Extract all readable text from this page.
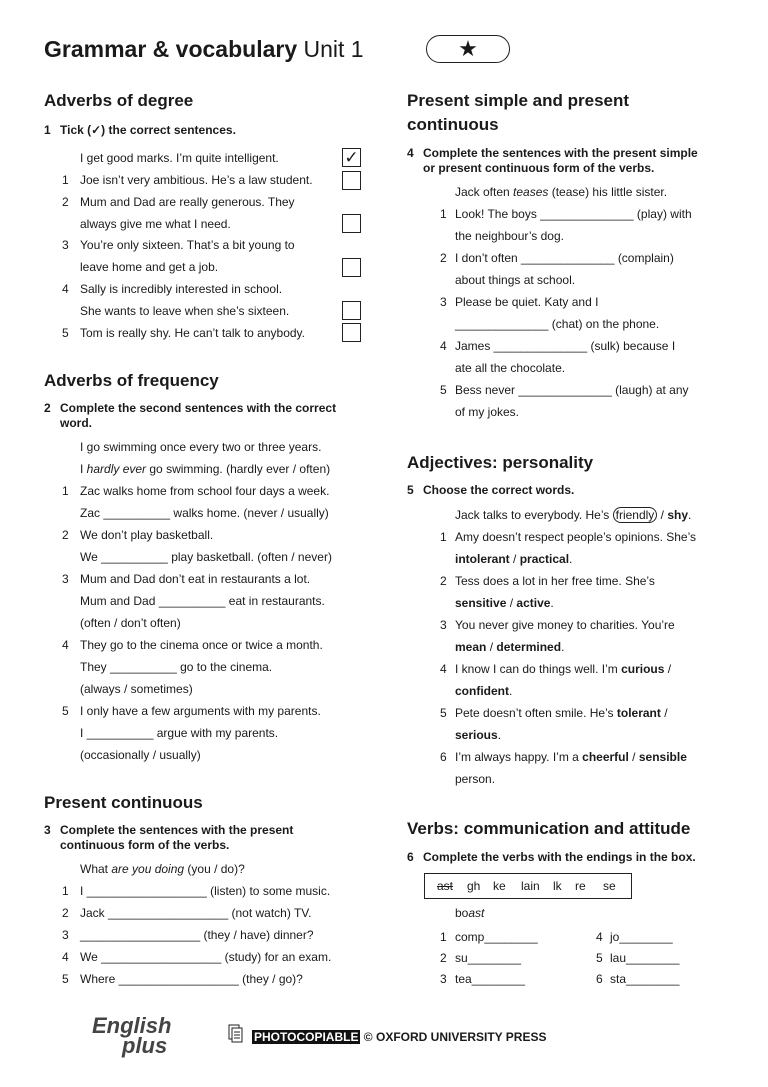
Grammar & vocabulary Unit 1	★
Adverbs of degree
1 Tick (✓) the correct sentences.
I get good marks. I’m quite intelligent.	✓
1 Joe isn’t very ambitious. He’s a law student.
2 Mum and Dad are really generous. They
always give me what I need.
3 You’re only sixteen. That’s a bit young to
leave home and get a job.
4 Sally is incredibly interested in school.
She wants to leave when she’s sixteen.
5 Tom is really shy. He can’t talk to anybody.
Adverbs of frequency
2 Complete the second sentences with the correct
word.
I go swimming once every two or three years.
I hardly ever go swimming. (hardly ever / often)
1 Zac walks home from school four days a week.
Zac __________ walks home. (never / usually)
2 We don’t play basketball.
We __________ play basketball. (often / never)
3 Mum and Dad don’t eat in restaurants a lot.
Mum and Dad __________ eat in restaurants.
(often / don’t often)
4 They go to the cinema once or twice a month.
They __________ go to the cinema.
(always / sometimes)
5 I only have a few arguments with my parents.
I __________ argue with my parents.
(occasionally / usually)
Present continuous
3 Complete the sentences with the present
continuous form of the verbs.
What are you doing (you / do)?
1 I __________________ (listen) to some music.
2 Jack __________________ (not watch) TV.
3 __________________ (they / have) dinner?
4 We __________________ (study) for an exam.
5 Where __________________ (they / go)?
Present simple and present
continuous
4 Complete the sentences with the present simple
or present continuous form of the verbs.
Jack often teases (tease) his little sister.
1 Look! The boys ______________ (play) with
the neighbour’s dog.
2 I don’t often ______________ (complain)
about things at school.
3 Please be quiet. Katy and I
______________ (chat) on the phone.
4 James ______________ (sulk) because I
ate all the chocolate.
5 Bess never ______________ (laugh) at any
of my jokes.
Adjectives: personality
5 Choose the correct words.
Jack talks to everybody. He’s friendly / shy.
1 Amy doesn’t respect people’s opinions. She’s
intolerant / practical.
2 Tess does a lot in her free time. She’s
sensitive / active.
3 You never give money to charities. You’re
mean / determined.
4 I know I can do things well. I’m curious /
confident.
5 Pete doesn’t often smile. He’s tolerant /
serious.
6 I’m always happy. I’m a cheerful / sensible
person.
Verbs: communication and attitude
6 Complete the verbs with the endings in the box.
ast gh ke lain lk re se
boast
1 comp________	4 jo________
2 su________	5 lau________
3 tea________	6 sta________
English
plus	PHOTOCOPIABLE © OXFORD UNIVERSITY PRESS
